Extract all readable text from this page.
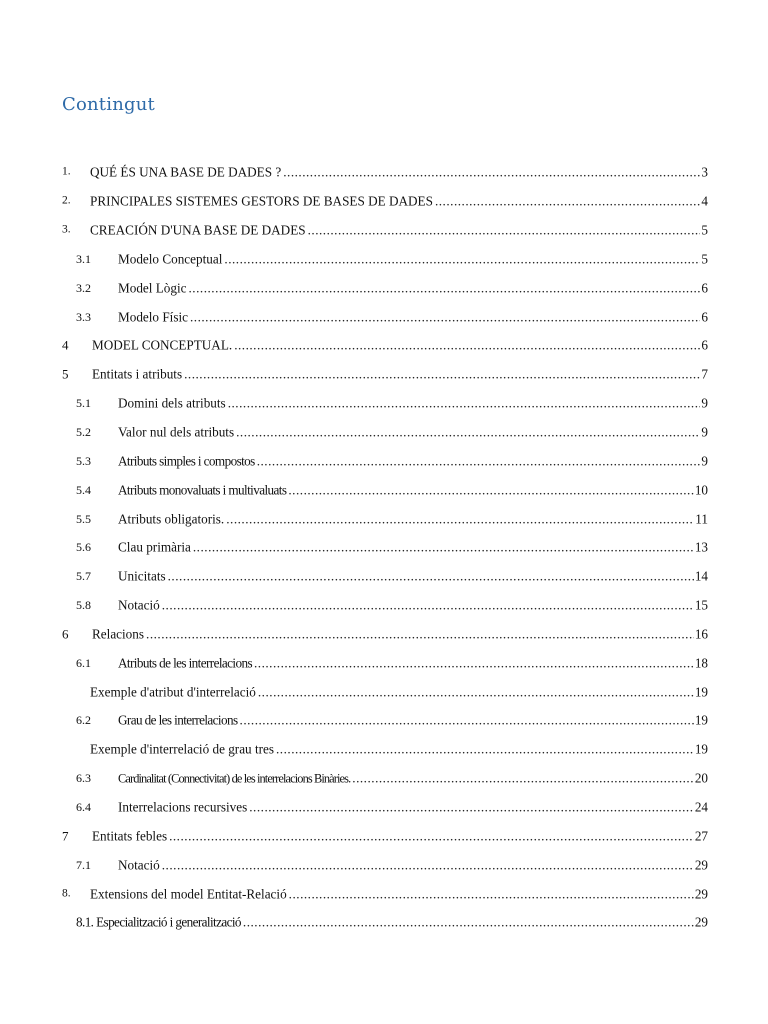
Contingut
1. QUÉ ÉS UNA BASE DE DADES ? .....	3
2. PRINCIPALES SISTEMES GESTORS DE BASES DE DADES .....	4
3. CREACIÓN D'UNA BASE DE DADES .....	5
3.1 Modelo Conceptual .....	5
3.2 Model Lògic .....	6
3.3 Modelo Físic .....	6
4 MODEL CONCEPTUAL. .....	6
5 Entitats i atributs .....	7
5.1 Domini dels atributs .....	9
5.2 Valor nul dels atributs .....	9
5.3 Atributs simples i compostos .....	9
5.4 Atributs monovaluats i multivaluats .....	10
5.5 Atributs obligatoris. .....	11
5.6 Clau primària .....	13
5.7 Unicitats .....	14
5.8 Notació .....	15
6 Relacions .....	16
6.1 Atributs de les interrelacions .....	18
Exemple d'atribut d'interrelació .....	19
6.2 Grau de les interrelacions .....	19
Exemple d'interrelació de grau tres .....	19
6.3 Cardinalitat (Connectivitat) de les interrelacions Binàries. .....	20
6.4 Interrelacions recursives .....	24
7 Entitats febles .....	27
7.1 Notació .....	29
8. Extensions del model Entitat-Relació .....	29
8.1. Especialització i generalització .....	29
